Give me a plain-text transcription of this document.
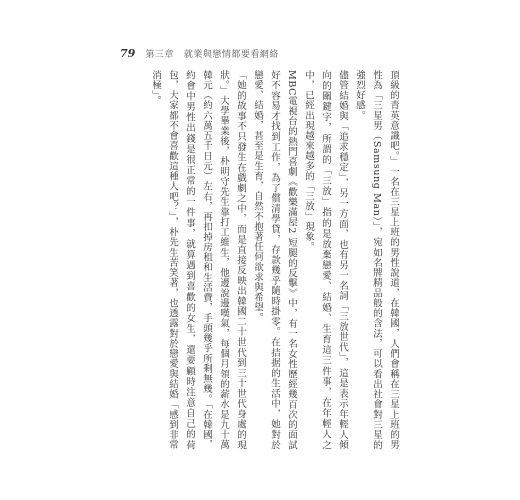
79 第三章 就業與戀情都要看網絡

頂級的青英意識吧。」一名在三星上班的男性說道，在韓國，人們會稱在三星上班的男性為「三星男（Samsung Man）」，宛如名牌精品般的含法，可以看出社會對三星的強烈好感。

儘管結婚與「追求穩定」，另一方面，也有另一名詞「三放世代」，這是表示年輕人傾向的關鍵字，所謂的「三放」指的是放棄戀愛、結婚、生育這三件事，在年輕人之中，已經出現越來越多的「三放」現象。

MBC電視台的熱門喜劇《歡樂滿屋2 短腿的反擊》中，有一名女性歷經幾百次的面試好不容易才找到工作，為了償清學貸，存款幾乎隨時掛零。在拮据的生活中，她對於戀愛、結婚，甚至是生育，自然不抱著任何欲求與希望。

「她的故事不只發生在戲劇之中，而是直接反映出韓國二十世代到三十世代身處的現狀。」大學畢業後，朴明守先生靠打工維生，他邊說邊嘆氣，每個月領的薪水是九十萬韓元（約六萬五千日元）左右，再扣掉房租和生活費，手頭幾乎所剩無幾。「在韓國，約會中男性出錢是很正常的一件事，就算遇到喜歡的女生，還要顧時注意自己的荷包，大家都不會喜歡這種人吧？」，朴先生苦笑著，也透露對於戀愛與結婚「感到非常消極」。
